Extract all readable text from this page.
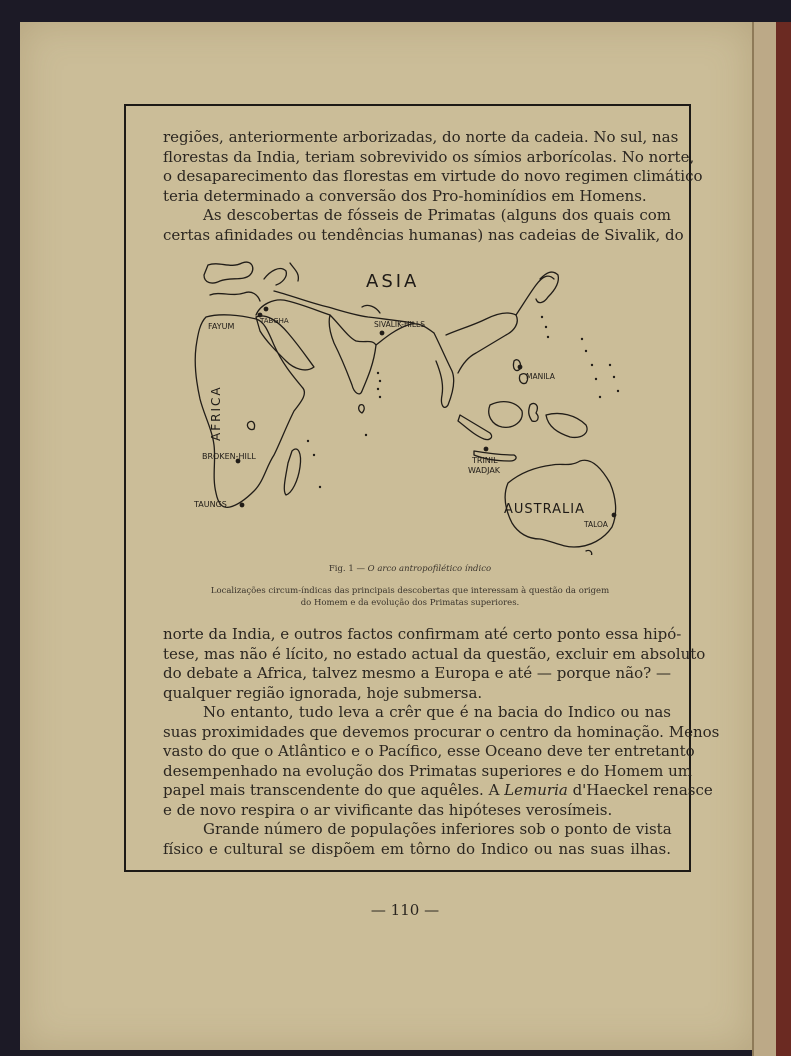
regiões, anteriormente arborizadas, do norte da cadeia. No sul, nas
florestas da India, teriam sobrevivido os símios arborícolas. No norte,
o desaparecimento das florestas em virtude do novo regimen climático
teria determinado a conversão dos Pro-hominídios em Homens.

As descobertas de fósseis de Primatas (alguns dos quais com
certas afinidades ou tendências humanas) nas cadeias de Sivalik, do

ASIA
AFRICA
AUSTRALIA
FAYUM
TABGHA	SIVALIK-HILLS
MANILA
BROKEN-HILL	TRINIL
WADJAK
TAUNGS
TALOA
Fig. 1 — O arco antropofilético índico
Localizações circum-índicas das principais descobertas que interessam à questão da origem
do Homem e da evolução dos Primatas superiores.

norte da India, e outros factos confirmam até certo ponto essa hipó-
tese, mas não é lícito, no estado actual da questão, excluir em absoluto
do debate a Africa, talvez mesmo a Europa e até — porque não? —
qualquer região ignorada, hoje submersa.

No entanto, tudo leva a crêr que é na bacia do Indico ou nas
suas proximidades que devemos procurar o centro da hominação. Menos
vasto do que o Atlântico e o Pacífico, esse Oceano deve ter entretanto
desempenhado na evolução dos Primatas superiores e do Homem um
papel mais transcendente do que aquêles. A Lemuria d'Haeckel renasce
e de novo respira o ar vivificante das hipóteses verosímeis.

Grande número de populações inferiores sob o ponto de vista
físico e cultural se dispõem em tôrno do Indico ou nas suas ilhas.

— 110 —
